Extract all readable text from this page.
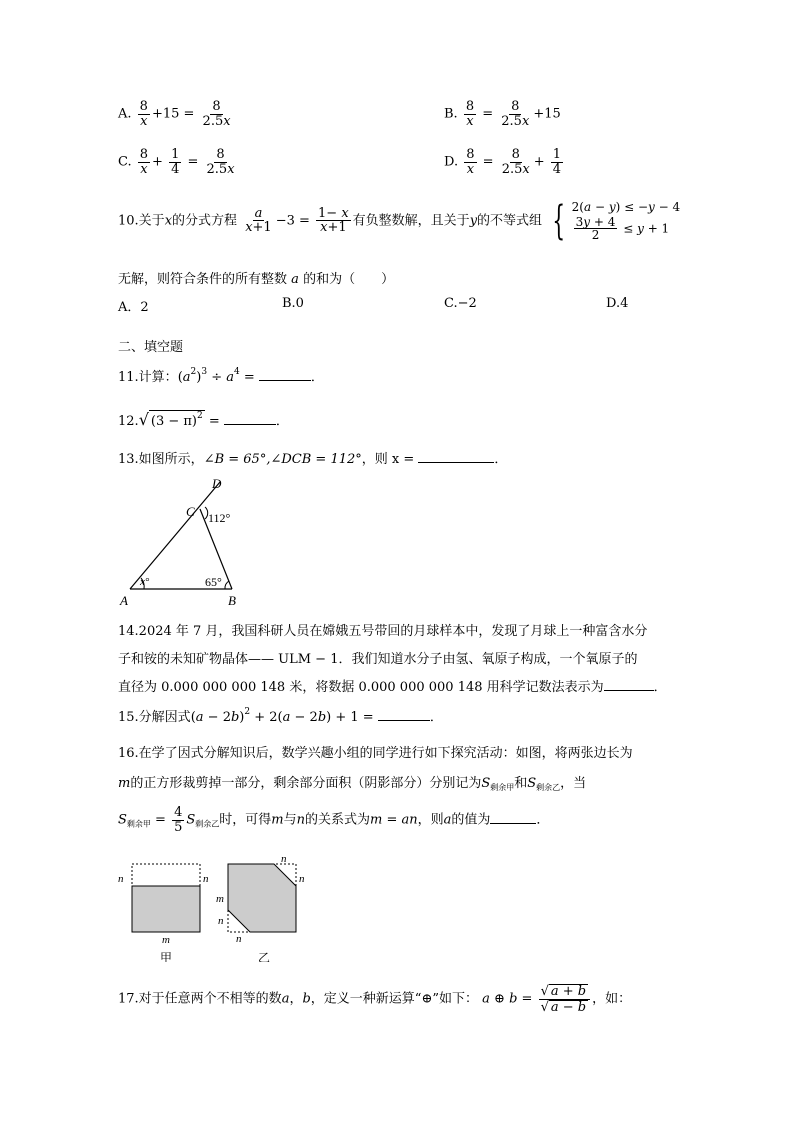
A. $\frac{8}{x} +15 = \frac{8}{2.5x}$	B. $\frac{8}{x} = \frac{8}{2.5x} +15$
C. $\frac{8}{x} + \frac{1}{4} = \frac{8}{2.5x}$	D. $\frac{8}{x} = \frac{8}{2.5x} + \frac{1}{4}$
10.关于x的分式方程 $\frac{a}{x+1} -3 = \frac{1- x}{x+1}$ 有负整数解，且关于y的不等式组 { 2(a − y) ≤ −y − 4
$\frac{3y + 4}{2} \le y + 1$
无解，则符合条件的所有整数 a 的和为（　　）
A．2	B.0	C.−2	D.4
二、填空题
11.计算：$(a^2)^3 \div a^4$ =	．
12.√ $(3 - \pi)^2$ =	．
13.如图所示，∠B = 65°,∠DCB = 112°，则 x =	．
D
C
A	B
112°
65°
x°
14.2024 年 7 月，我国科研人员在嫦娥五号带回的月球样本中，发现了月球上一种富含水分
子和铵的未知矿物晶体—— ULM − 1．我们知道水分子由氢、氧原子构成，一个氧原子的
直径为 0.000 000 000 148 米，将数据 0.000 000 000 148 用科学记数法表示为	．
15.分解因式$(a - 2b)^2 + 2(a - 2b) + 1$ =	．
16.在学了因式分解知识后，数学兴趣小组的同学进行如下探究活动：如图，将两张边长为
m的正方形裁剪掉一部分，剩余部分面积（阴影部分）分别记为$S_{剩余甲}$和$S_{剩余乙}$，当
$S_{剩余甲} = \frac{4}{5} S_{剩余乙}$时，可得m与n的关系式为m = an，则a的值为	．
n	n
m
甲
n
n
m
n
n
乙
17.对于任意两个不相等的数a，b，定义一种新运算“⊕”如下： a ⊕ $b = \frac{√ a + b}{√ a - b}$ ，如：
